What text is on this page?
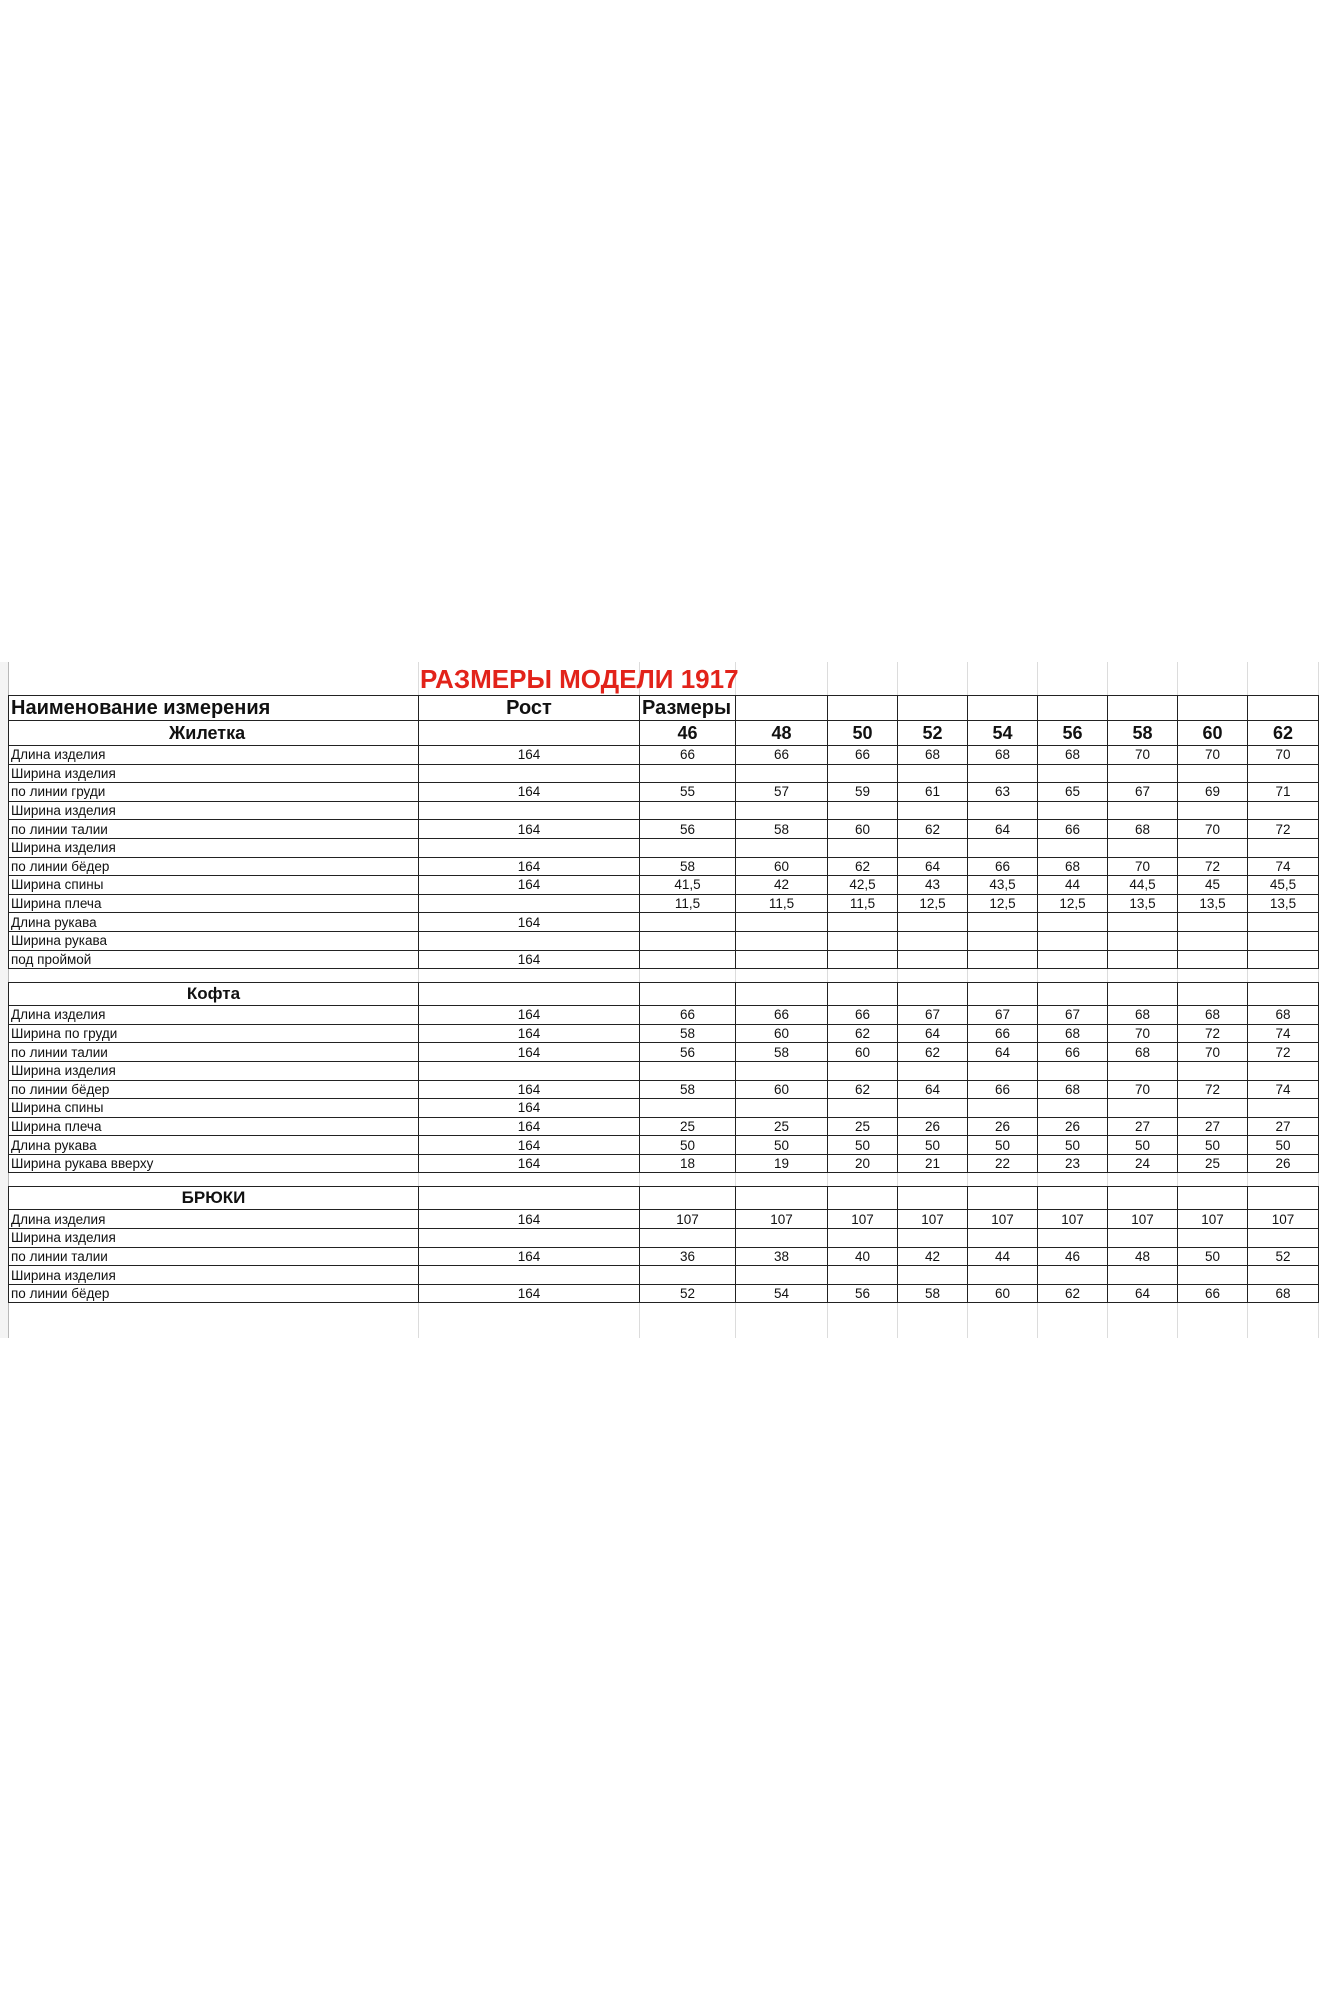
РАЗМЕРЫ МОДЕЛИ 1917
Наименование измерения	Рост	Размеры								
Жилетка		46	48	50	52	54	56	58	60	62
Длина изделия	164	66	66	66	68	68	68	70	70	70
Ширина изделия										
по линии груди	164	55	57	59	61	63	65	67	69	71
Ширина изделия										
по линии талии	164	56	58	60	62	64	66	68	70	72
Ширина изделия										
по линии бёдер	164	58	60	62	64	66	68	70	72	74
Ширина спины	164	41,5	42	42,5	43	43,5	44	44,5	45	45,5
Ширина плеча		11,5	11,5	11,5	12,5	12,5	12,5	13,5	13,5	13,5
Длина рукава	164									
Ширина рукава										
под проймой	164									

Кофта										
Длина изделия	164	66	66	66	67	67	67	68	68	68
Ширина по груди	164	58	60	62	64	66	68	70	72	74
по линии талии	164	56	58	60	62	64	66	68	70	72
Ширина изделия										
по линии бёдер	164	58	60	62	64	66	68	70	72	74
Ширина спины	164									
Ширина плеча	164	25	25	25	26	26	26	27	27	27
Длина рукава	164	50	50	50	50	50	50	50	50	50
Ширина рукава вверху	164	18	19	20	21	22	23	24	25	26

БРЮКИ										
Длина изделия	164	107	107	107	107	107	107	107	107	107
Ширина изделия										
по линии талии	164	36	38	40	42	44	46	48	50	52
Ширина изделия										
по линии бёдер	164	52	54	56	58	60	62	64	66	68
